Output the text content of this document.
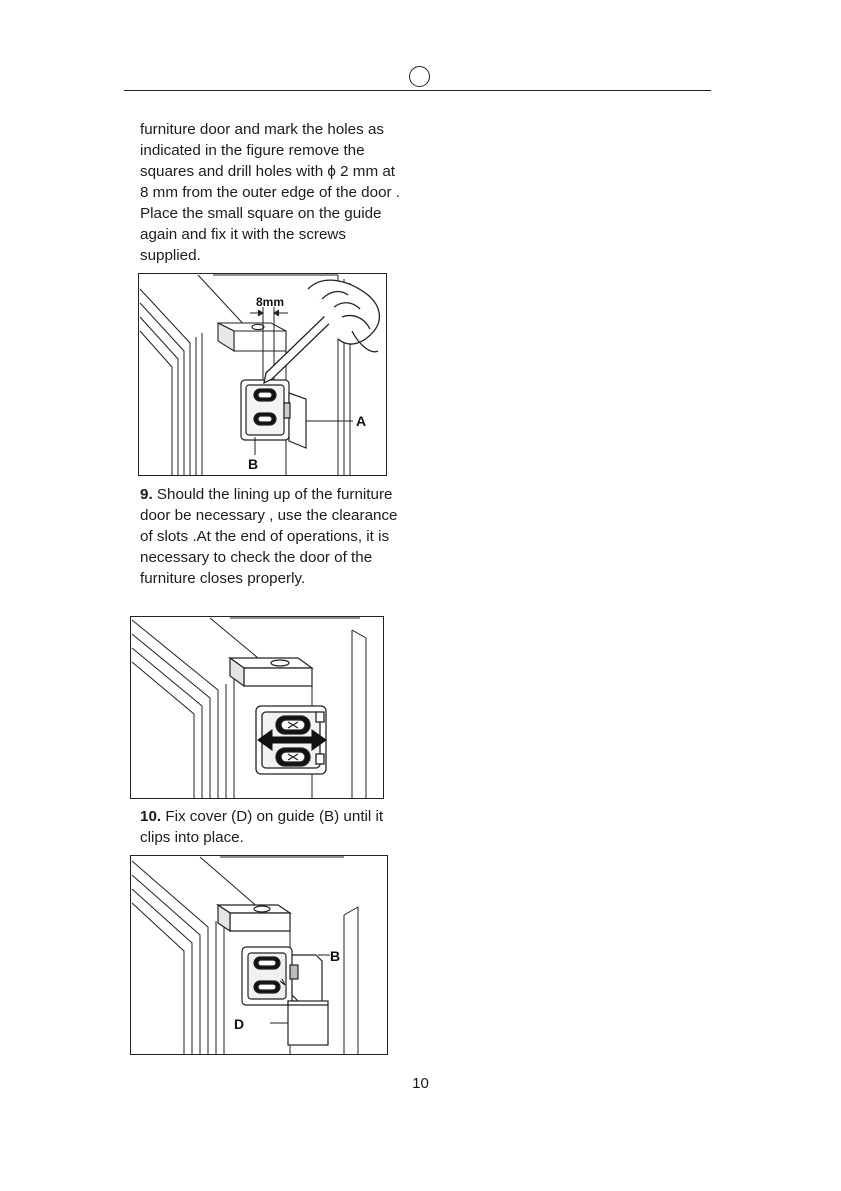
furniture door and mark the holes as indicated in the figure remove the squares and drill holes with ϕ 2 mm at 8 mm from the outer edge of the door . Place the small square on the guide again and fix it with the screws supplied.

8mm
A
B

9. Should the lining up of the furniture door be necessary , use the clearance of slots .At the end of operations, it is necessary to check the door of the furniture closes properly.

10. Fix cover (D) on guide (B) until it clips into place.

B
D
10
